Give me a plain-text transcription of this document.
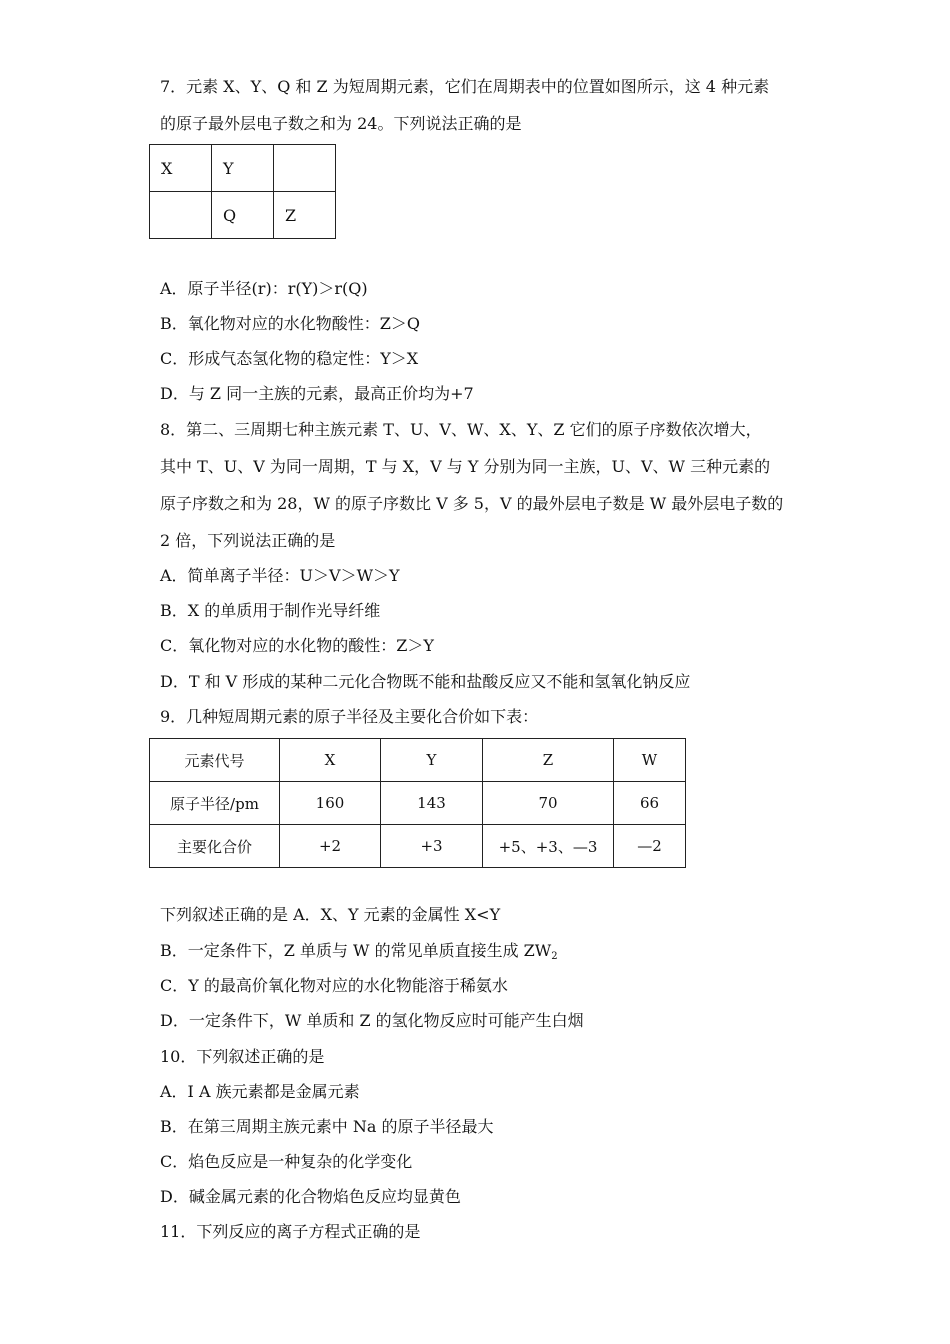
7．元素 X、Y、Q 和 Z 为短周期元素，它们在周期表中的位置如图所示，这 4 种元素
的原子最外层电子数之和为 24。下列说法正确的是
X	Y	
	Q	Z
A．原子半径(r)：r(Y)＞r(Q)
B．氧化物对应的水化物酸性：Z＞Q
C．形成气态氢化物的稳定性：Y＞X
D．与 Z 同一主族的元素，最高正价均为+7
8．第二、三周期七种主族元素 T、U、V、W、X、Y、Z 它们的原子序数依次增大，
其中 T、U、V 为同一周期，T 与 X，V 与 Y 分别为同一主族，U、V、W 三种元素的
原子序数之和为 28，W 的原子序数比 V 多 5，V 的最外层电子数是 W 最外层电子数的
2 倍，下列说法正确的是
A．简单离子半径：U＞V＞W＞Y
B．X 的单质用于制作光导纤维
C．氧化物对应的水化物的酸性：Z＞Y
D．T 和 V 形成的某种二元化合物既不能和盐酸反应又不能和氢氧化钠反应
9．几种短周期元素的原子半径及主要化合价如下表：
元素代号	X	Y	Z	W
原子半径/pm	160	143	70	66
主要化合价	+2	+3	+5、+3、—3	—2
下列叙述正确的是 A．X、Y 元素的金属性 X<Y
B．一定条件下，Z 单质与 W 的常见单质直接生成 $ZW_2$
C．Y 的最高价氧化物对应的水化物能溶于稀氨水
D．一定条件下，W 单质和 Z 的氢化物反应时可能产生白烟
10．下列叙述正确的是
A．I A 族元素都是金属元素
B．在第三周期主族元素中 Na 的原子半径最大
C．焰色反应是一种复杂的化学变化
D．碱金属元素的化合物焰色反应均显黄色
11．下列反应的离子方程式正确的是
